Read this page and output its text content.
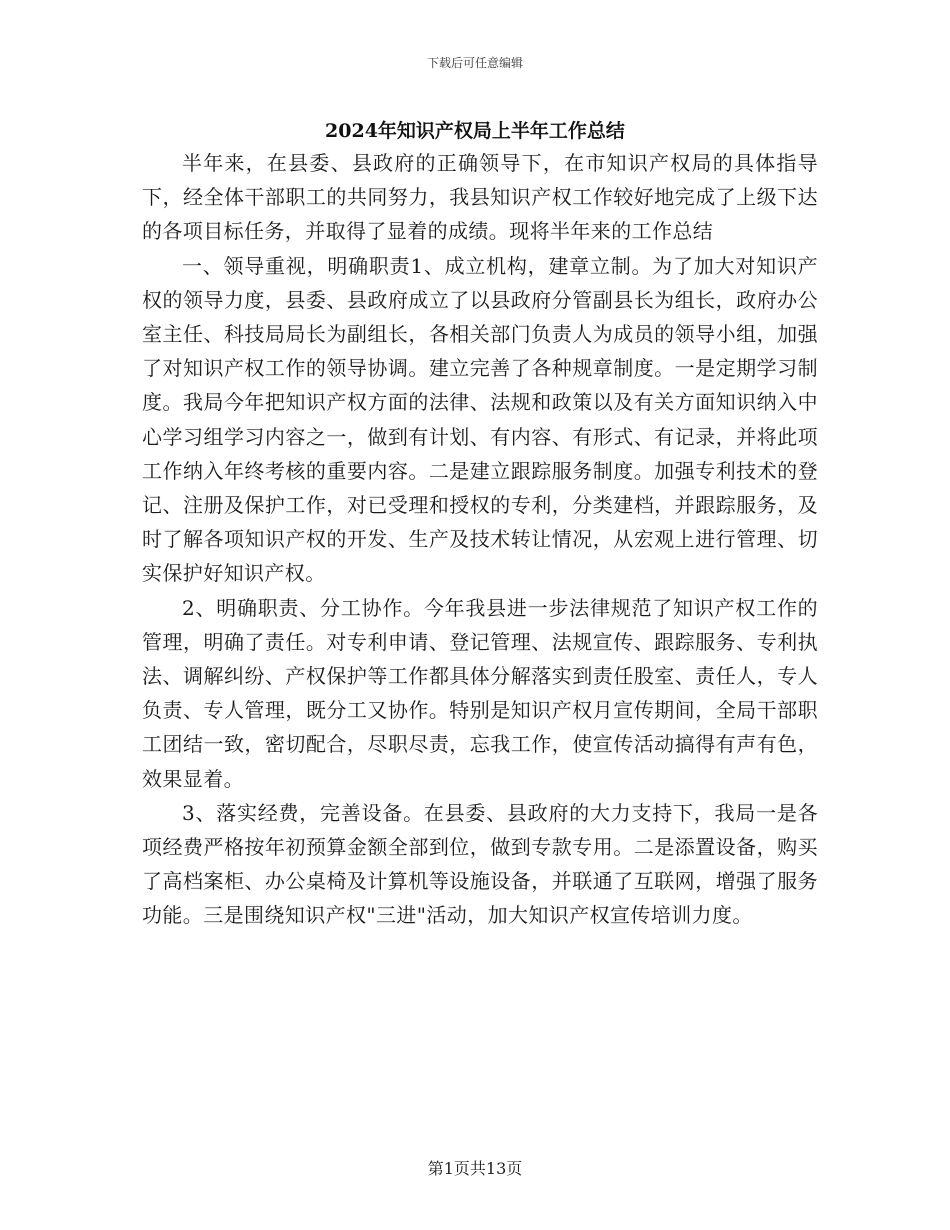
下载后可任意编辑
2024年知识产权局上半年工作总结

半年来，在县委、县政府的正确领导下，在市知识产权局的具体指导下，经全体干部职工的共同努力，我县知识产权工作较好地完成了上级下达的各项目标任务，并取得了显着的成绩。现将半年来的工作总结

一、领导重视，明确职责1、成立机构，建章立制。为了加大对知识产权的领导力度，县委、县政府成立了以县政府分管副县长为组长，政府办公室主任、科技局局长为副组长，各相关部门负责人为成员的领导小组，加强了对知识产权工作的领导协调。建立完善了各种规章制度。一是定期学习制度。我局今年把知识产权方面的法律、法规和政策以及有关方面知识纳入中心学习组学习内容之一，做到有计划、有内容、有形式、有记录，并将此项工作纳入年终考核的重要内容。二是建立跟踪服务制度。加强专利技术的登记、注册及保护工作，对已受理和授权的专利，分类建档，并跟踪服务，及时了解各项知识产权的开发、生产及技术转让情况，从宏观上进行管理、切实保护好知识产权。

2、明确职责、分工协作。今年我县进一步法律规范了知识产权工作的管理，明确了责任。对专利申请、登记管理、法规宣传、跟踪服务、专利执法、调解纠纷、产权保护等工作都具体分解落实到责任股室、责任人，专人负责、专人管理，既分工又协作。特别是知识产权月宣传期间，全局干部职工团结一致，密切配合，尽职尽责，忘我工作，使宣传活动搞得有声有色，效果显着。

3、落实经费，完善设备。在县委、县政府的大力支持下，我局一是各项经费严格按年初预算金额全部到位，做到专款专用。二是添置设备，购买了高档案柜、办公桌椅及计算机等设施设备，并联通了互联网，增强了服务功能。三是围绕知识产权"三进"活动，加大知识产权宣传培训力度。

第1页共13页
